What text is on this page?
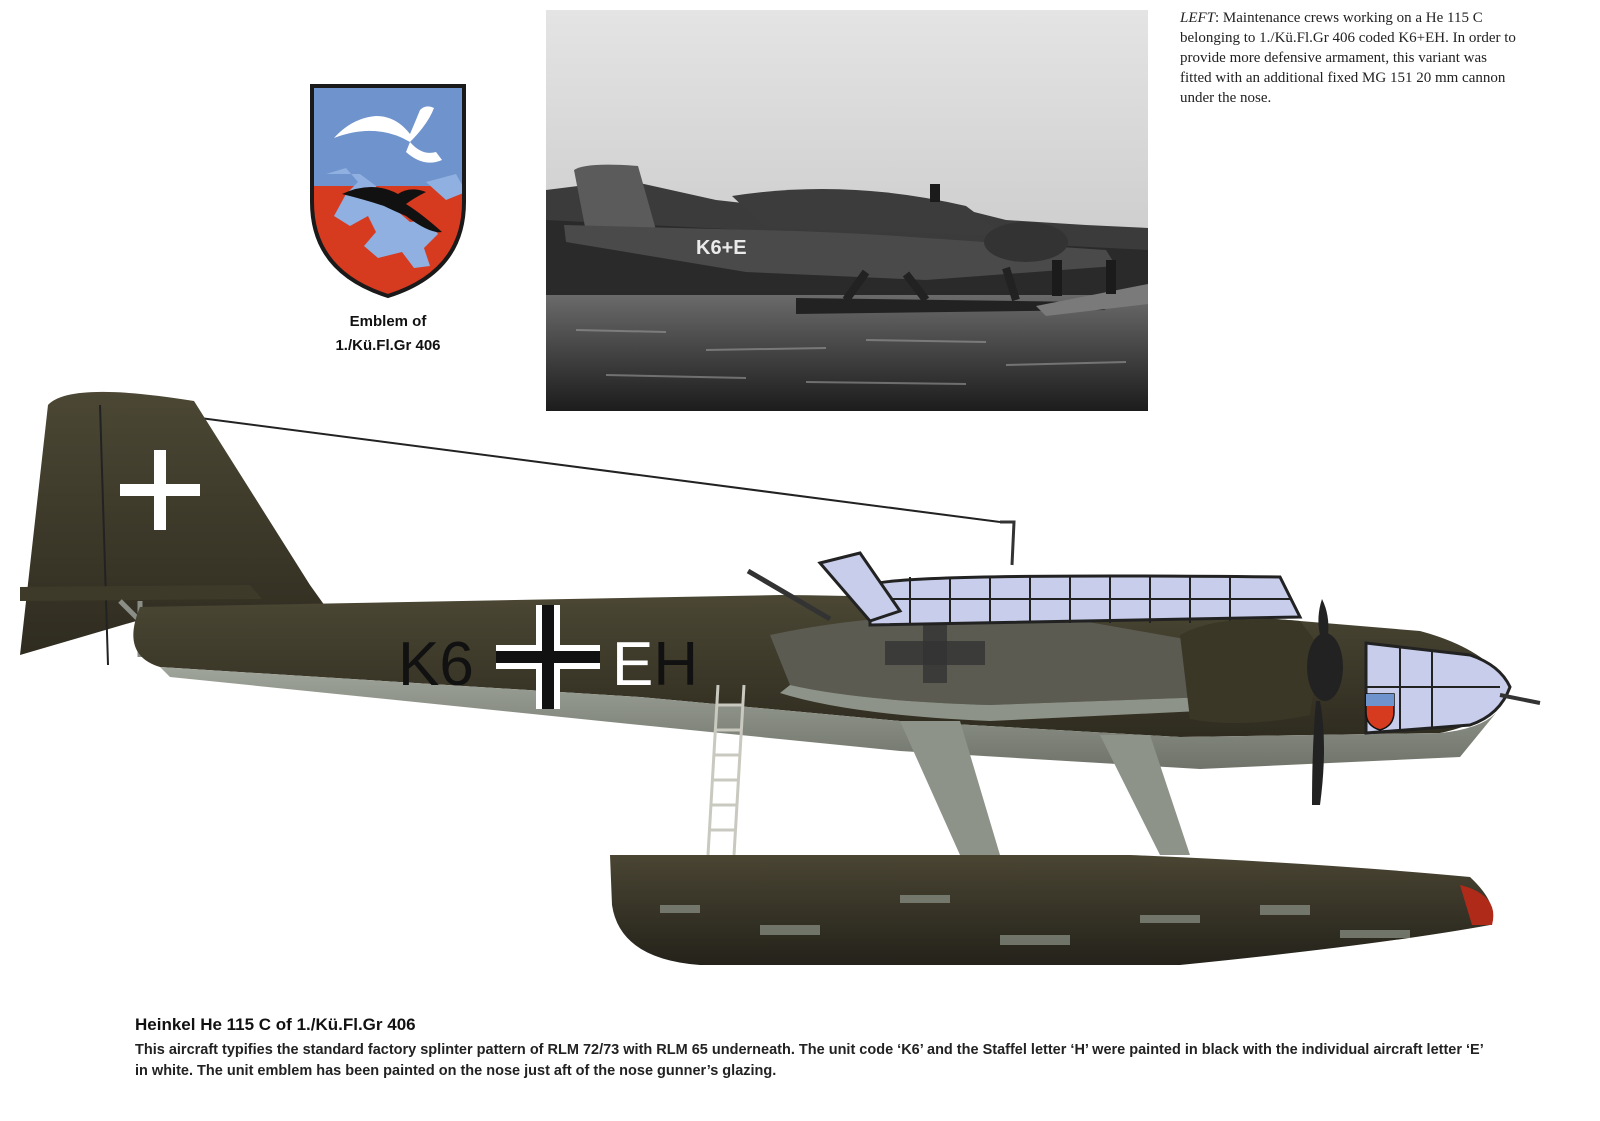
Emblem of
1./Kü.Fl.Gr 406
K6+E
LEFT: Maintenance crews working on a He 115 C belonging to 1./Kü.Fl.Gr 406 coded K6+EH. In order to provide more defensive armament, this variant was fitted with an additional fixed MG 151 20 mm cannon under the nose.
K6 EH
Heinkel He 115 C of 1./Kü.Fl.Gr 406
This aircraft typifies the standard factory splinter pattern of RLM 72/73 with RLM 65 underneath. The unit code ‘K6’ and the Staffel letter ‘H’ were painted in black with the individual aircraft letter ‘E’ in white. The unit emblem has been painted on the nose just aft of the nose gunner’s glazing.
